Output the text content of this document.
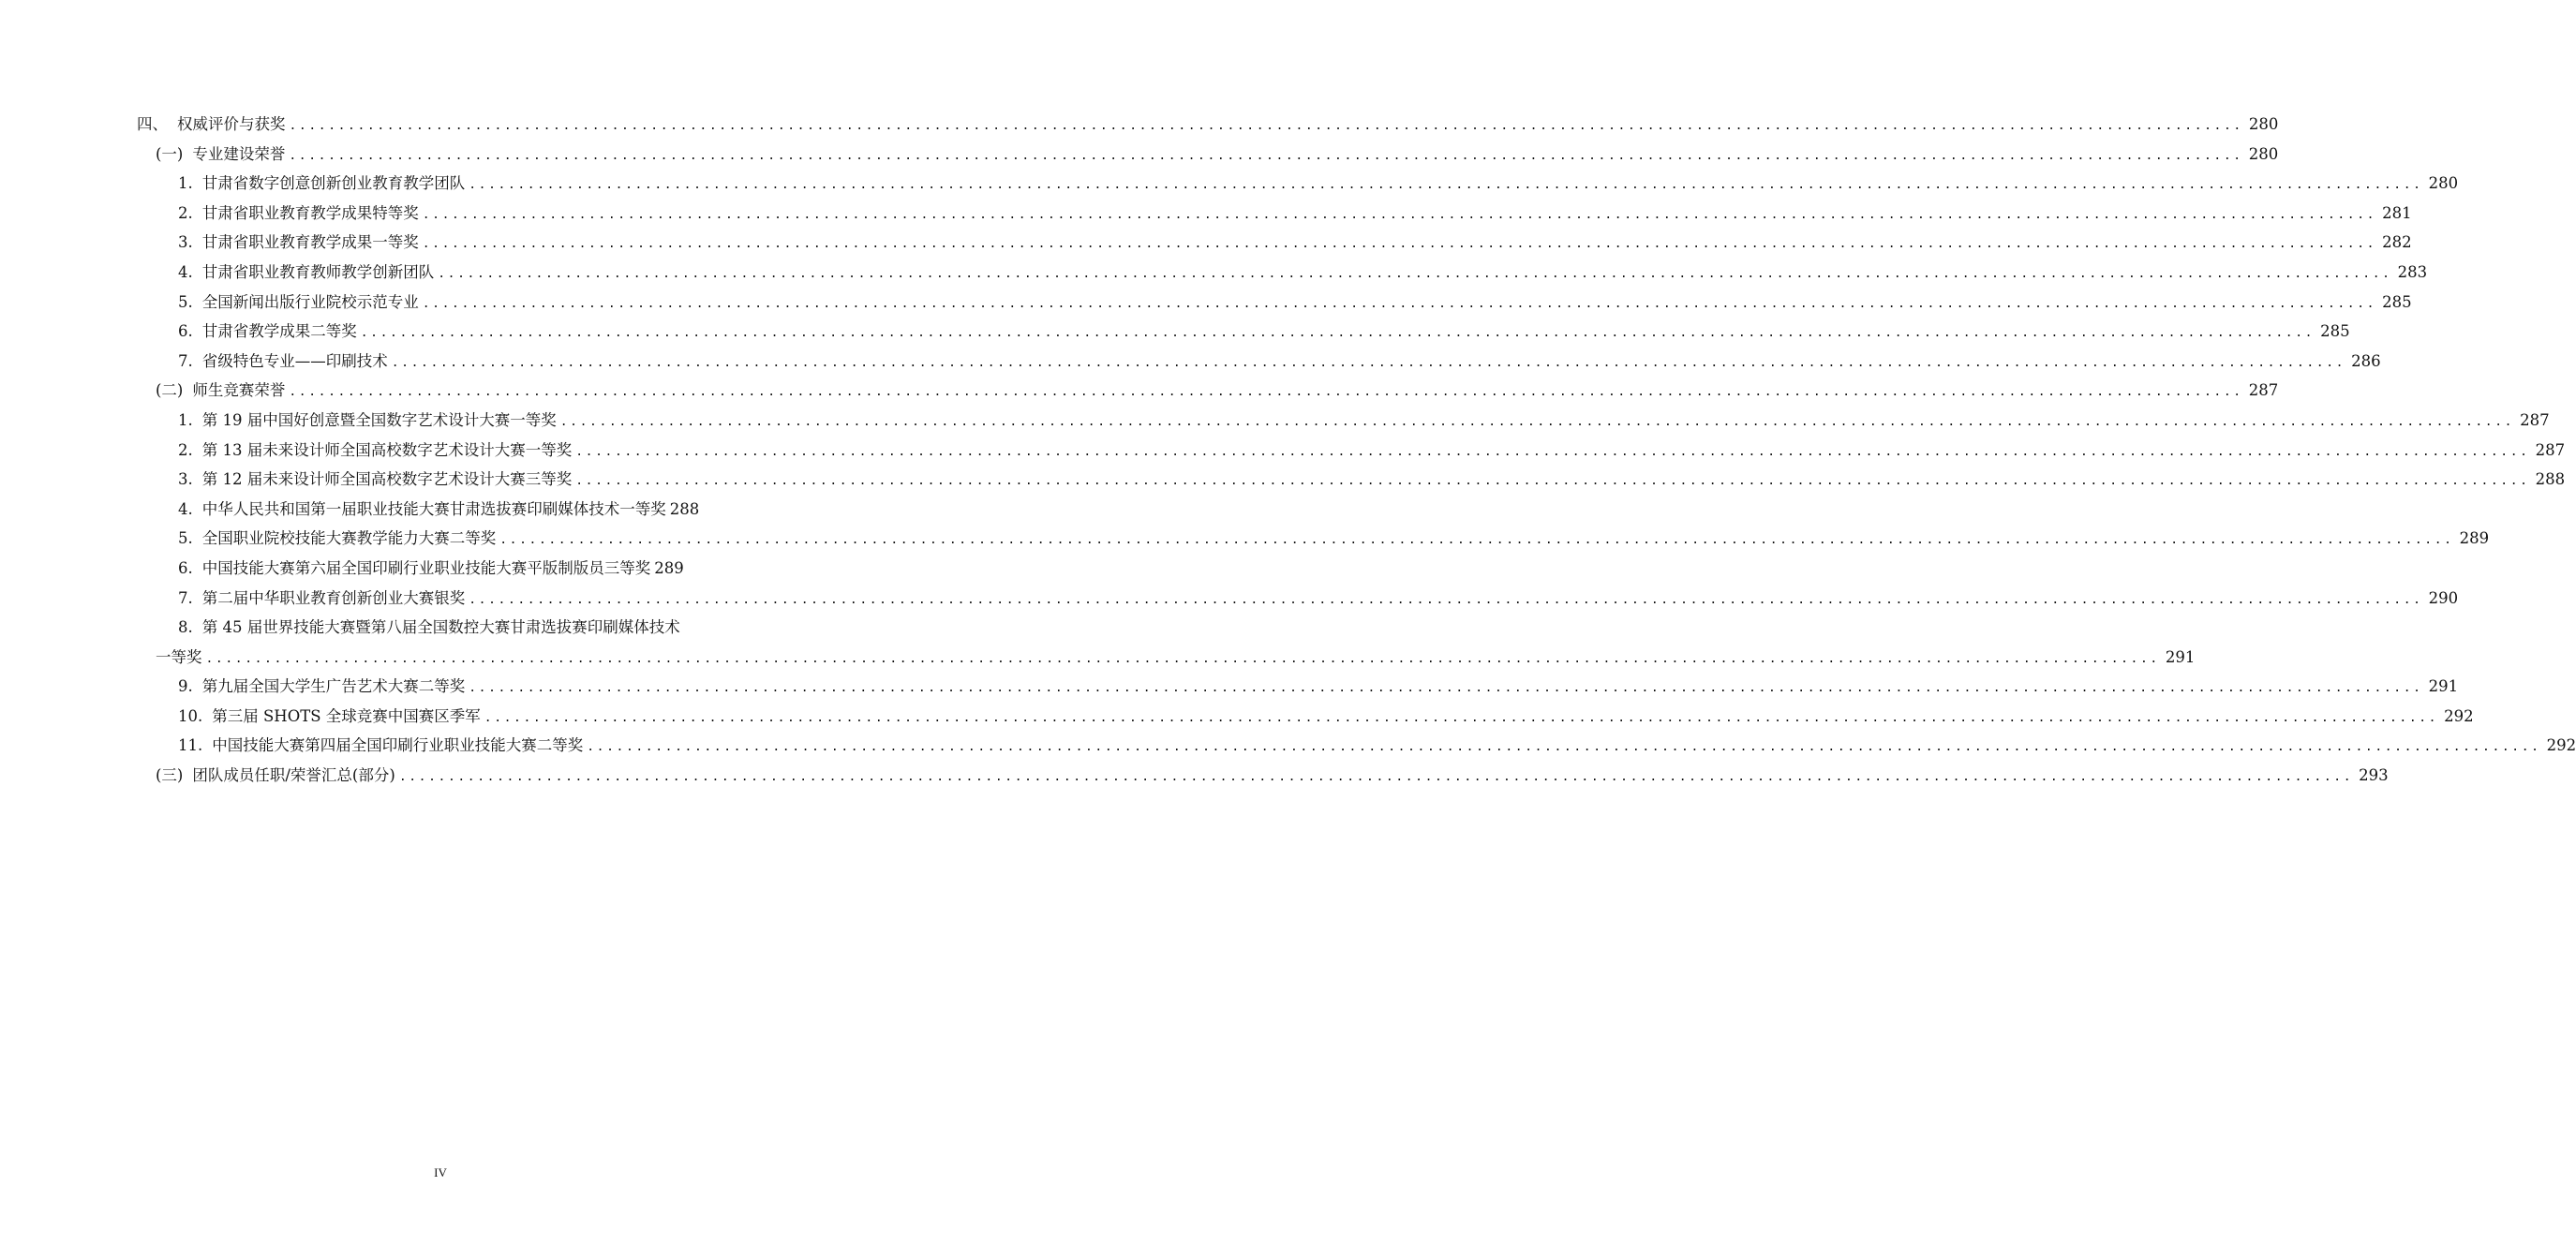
四、 权威评价与获奖 ........................................................................................................................................................................................................ 280
(一) 专业建设荣誉 ........................................................................................................................................................................................................ 280
1. 甘肃省数字创意创新创业教育教学团队 ........................................................................................................................................................................................................ 280
2. 甘肃省职业教育教学成果特等奖 ........................................................................................................................................................................................................ 281
3. 甘肃省职业教育教学成果一等奖 ........................................................................................................................................................................................................ 282
4. 甘肃省职业教育教师教学创新团队 ........................................................................................................................................................................................................ 283
5. 全国新闻出版行业院校示范专业 ........................................................................................................................................................................................................ 285
6. 甘肃省教学成果二等奖 ........................................................................................................................................................................................................ 285
7. 省级特色专业——印刷技术 ........................................................................................................................................................................................................ 286
(二) 师生竞赛荣誉 ........................................................................................................................................................................................................ 287
1. 第 19 届中国好创意暨全国数字艺术设计大赛一等奖 ........................................................................................................................................................................................................ 287
2. 第 13 届未来设计师全国高校数字艺术设计大赛一等奖 ........................................................................................................................................................................................................ 287
3. 第 12 届未来设计师全国高校数字艺术设计大赛三等奖 ........................................................................................................................................................................................................ 288
4. 中华人民共和国第一届职业技能大赛甘肃选拔赛印刷媒体技术一等奖 288
5. 全国职业院校技能大赛教学能力大赛二等奖 ........................................................................................................................................................................................................ 289
6. 中国技能大赛第六届全国印刷行业职业技能大赛平版制版员三等奖 289
7. 第二届中华职业教育创新创业大赛银奖 ........................................................................................................................................................................................................ 290
8. 第 45 届世界技能大赛暨第八届全国数控大赛甘肃选拔赛印刷媒体技术
一等奖 ........................................................................................................................................................................................................ 291
9. 第九届全国大学生广告艺术大赛二等奖 ........................................................................................................................................................................................................ 291
10. 第三届 SHOTS 全球竞赛中国赛区季军 ........................................................................................................................................................................................................ 292
11. 中国技能大赛第四届全国印刷行业职业技能大赛二等奖 ........................................................................................................................................................................................................ 292
(三) 团队成员任职/荣誉汇总(部分) ........................................................................................................................................................................................................ 293
IV
